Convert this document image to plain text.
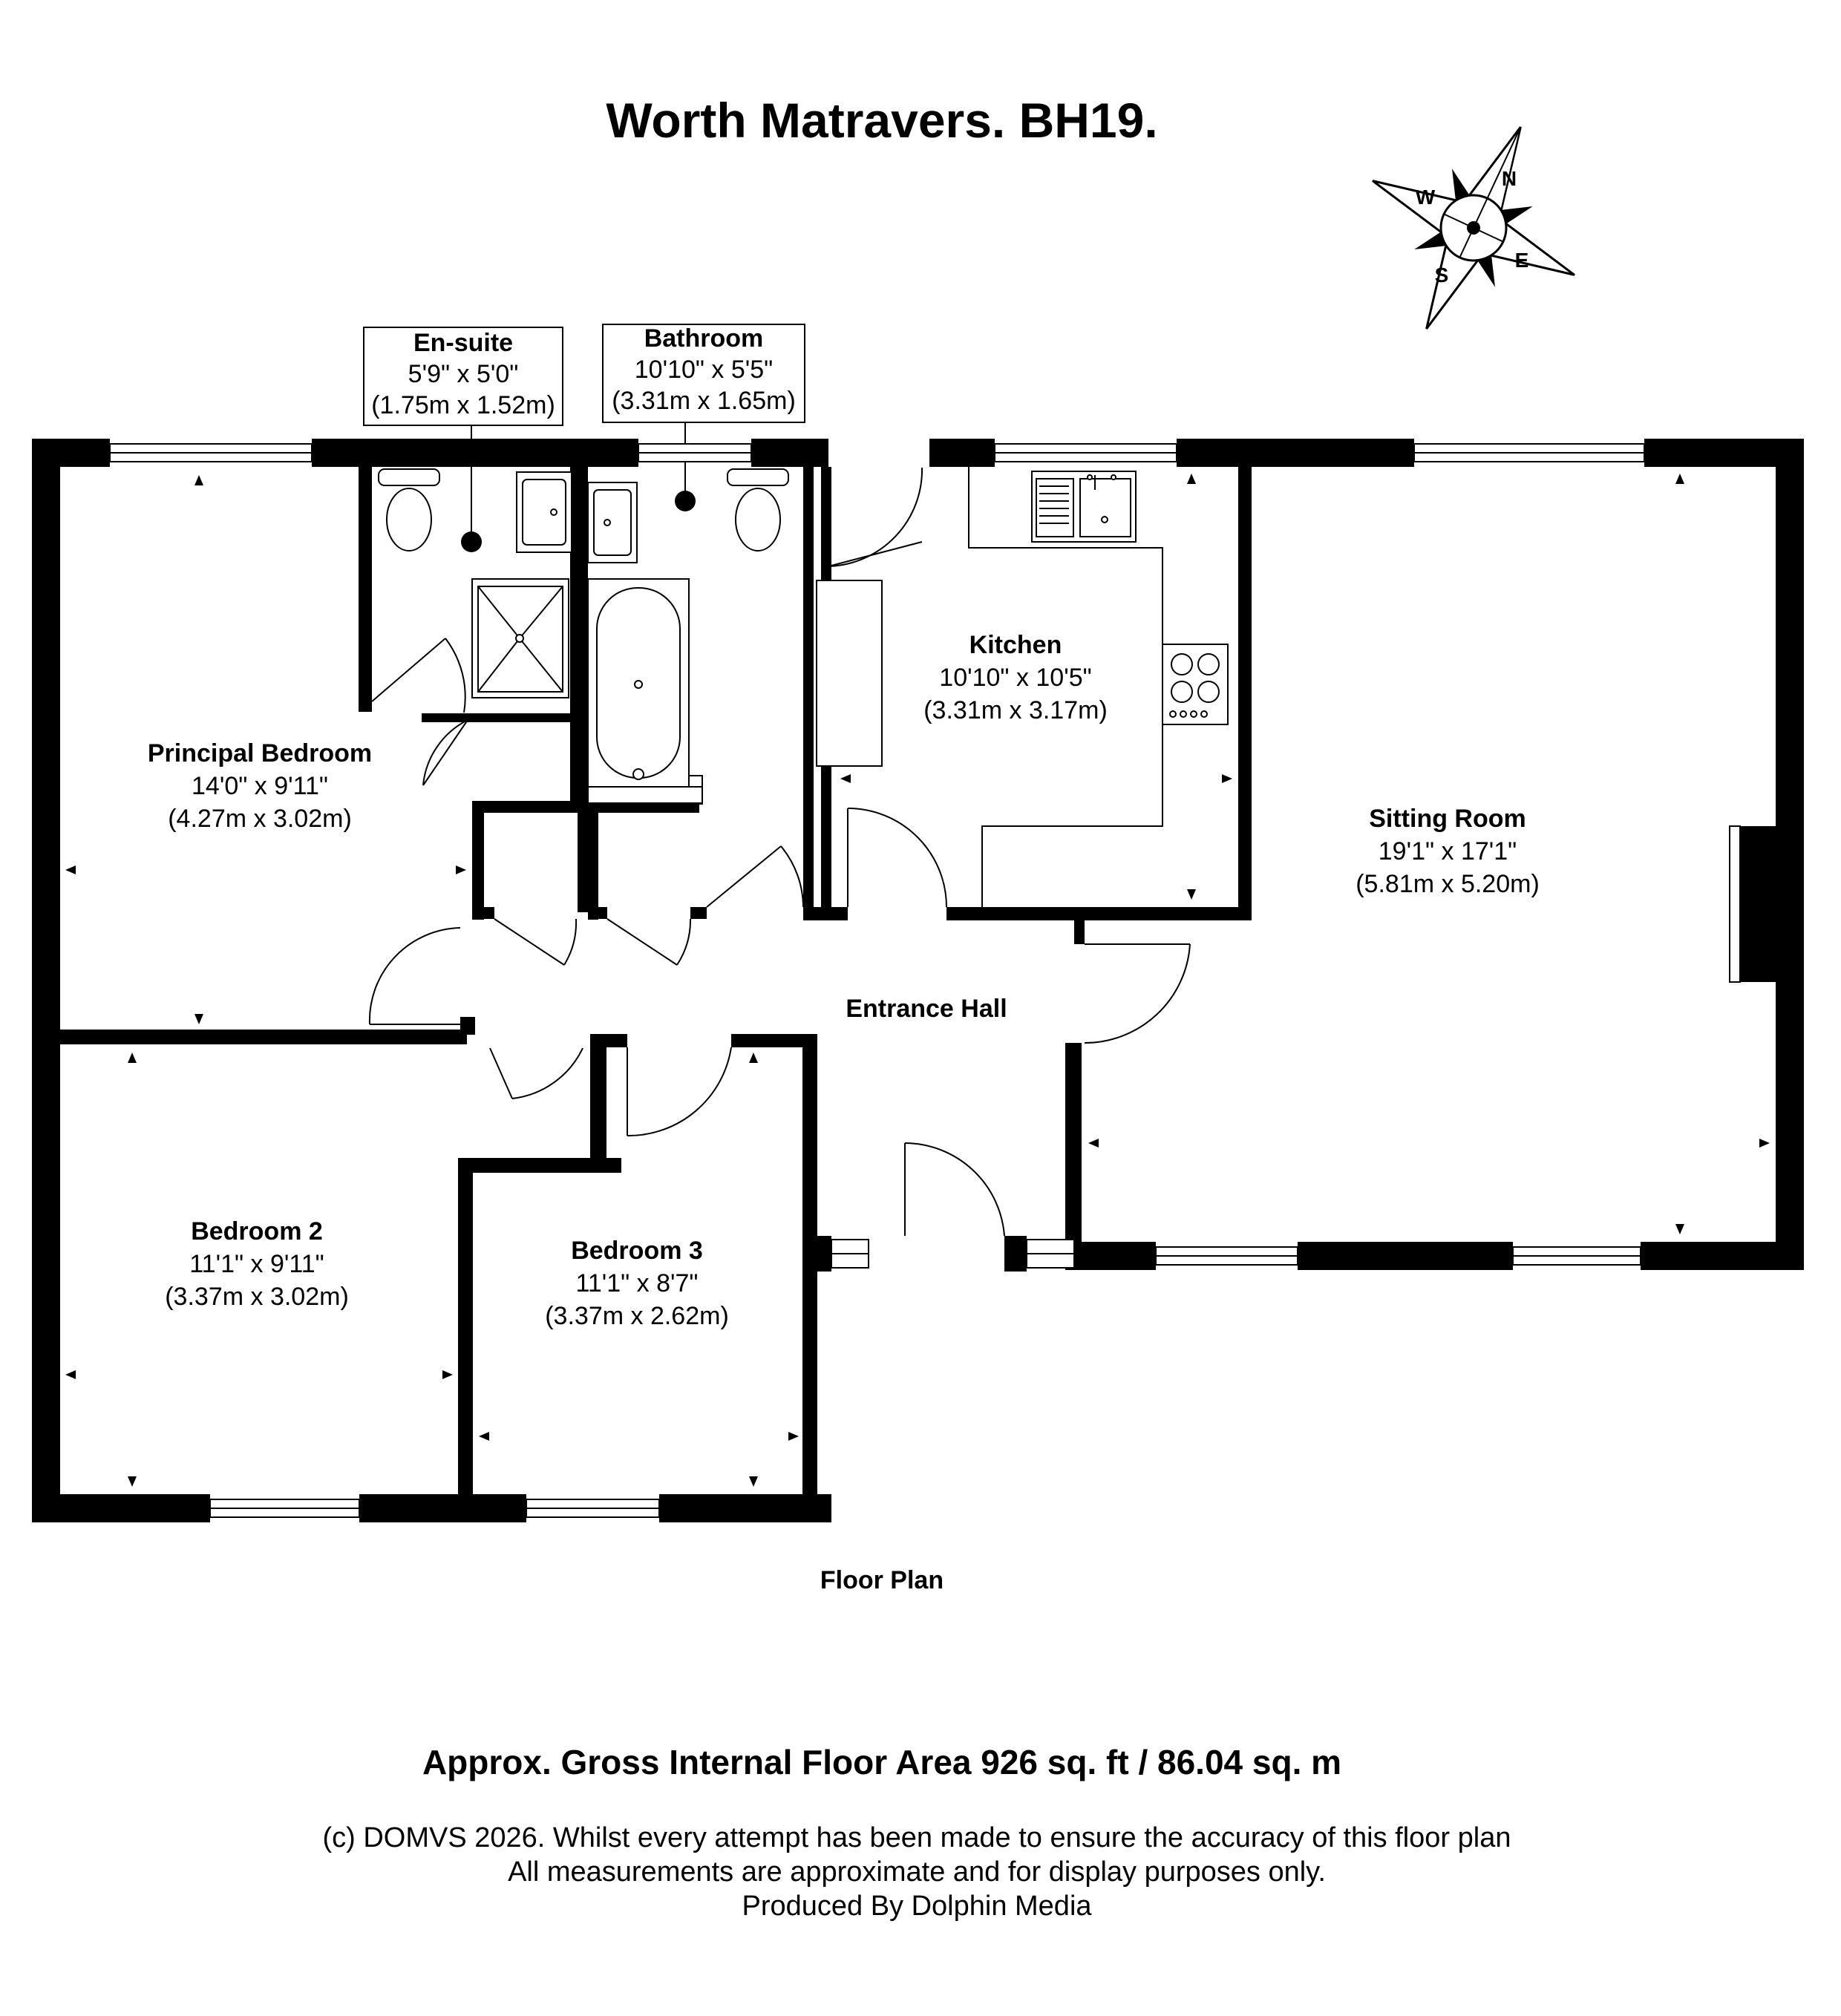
Worth Matravers. BH19.
N
E
S
W
En-suite
5'9" x 5'0"
(1.75m x 1.52m)
Bathroom
10'10" x 5'5"
(3.31m x 1.65m)
Principal Bedroom
14'0" x 9'11"
(4.27m x 3.02m)
Kitchen
10'10" x 10'5"
(3.31m x 3.17m)
Sitting Room
19'1" x 17'1"
(5.81m x 5.20m)
Entrance Hall
Bedroom 2
11'1" x 9'11"
(3.37m x 3.02m)
Bedroom 3
11'1" x 8'7"
(3.37m x 2.62m)
Floor Plan
Approx. Gross Internal Floor Area 926 sq. ft / 86.04 sq. m
(c) DOMVS 2026. Whilst every attempt has been made to ensure the accuracy of this floor plan
All measurements are approximate and for display purposes only.
Produced By Dolphin Media
